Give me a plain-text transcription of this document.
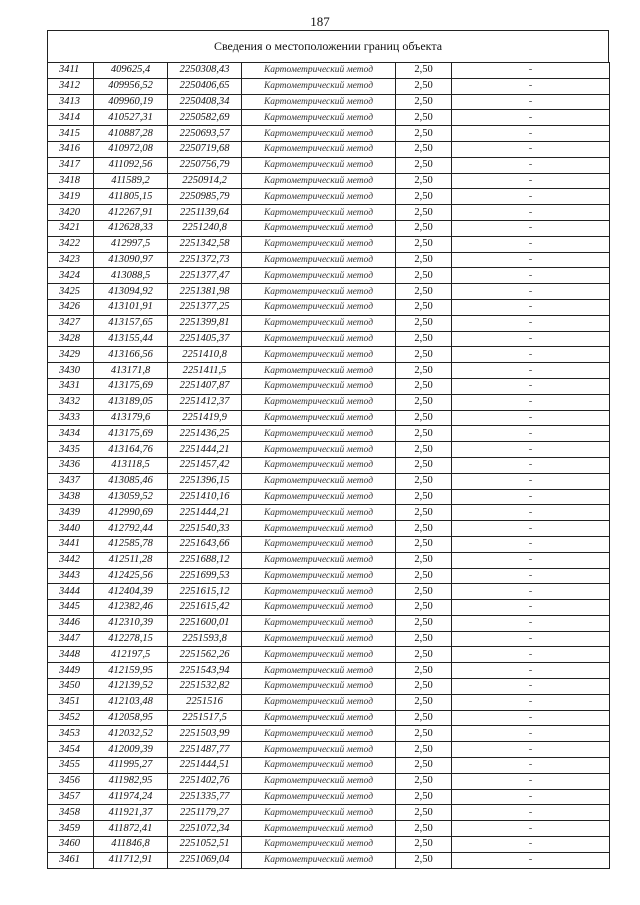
187
Сведения о местоположении границ объекта
3411	409625,4	2250308,43	Картометрический метод	2,50	-
3412	409956,52	2250406,65	Картометрический метод	2,50	-
3413	409960,19	2250408,34	Картометрический метод	2,50	-
3414	410527,31	2250582,69	Картометрический метод	2,50	-
3415	410887,28	2250693,57	Картометрический метод	2,50	-
3416	410972,08	2250719,68	Картометрический метод	2,50	-
3417	411092,56	2250756,79	Картометрический метод	2,50	-
3418	411589,2	2250914,2	Картометрический метод	2,50	-
3419	411805,15	2250985,79	Картометрический метод	2,50	-
3420	412267,91	2251139,64	Картометрический метод	2,50	-
3421	412628,33	2251240,8	Картометрический метод	2,50	-
3422	412997,5	2251342,58	Картометрический метод	2,50	-
3423	413090,97	2251372,73	Картометрический метод	2,50	-
3424	413088,5	2251377,47	Картометрический метод	2,50	-
3425	413094,92	2251381,98	Картометрический метод	2,50	-
3426	413101,91	2251377,25	Картометрический метод	2,50	-
3427	413157,65	2251399,81	Картометрический метод	2,50	-
3428	413155,44	2251405,37	Картометрический метод	2,50	-
3429	413166,56	2251410,8	Картометрический метод	2,50	-
3430	413171,8	2251411,5	Картометрический метод	2,50	-
3431	413175,69	2251407,87	Картометрический метод	2,50	-
3432	413189,05	2251412,37	Картометрический метод	2,50	-
3433	413179,6	2251419,9	Картометрический метод	2,50	-
3434	413175,69	2251436,25	Картометрический метод	2,50	-
3435	413164,76	2251444,21	Картометрический метод	2,50	-
3436	413118,5	2251457,42	Картометрический метод	2,50	-
3437	413085,46	2251396,15	Картометрический метод	2,50	-
3438	413059,52	2251410,16	Картометрический метод	2,50	-
3439	412990,69	2251444,21	Картометрический метод	2,50	-
3440	412792,44	2251540,33	Картометрический метод	2,50	-
3441	412585,78	2251643,66	Картометрический метод	2,50	-
3442	412511,28	2251688,12	Картометрический метод	2,50	-
3443	412425,56	2251699,53	Картометрический метод	2,50	-
3444	412404,39	2251615,12	Картометрический метод	2,50	-
3445	412382,46	2251615,42	Картометрический метод	2,50	-
3446	412310,39	2251600,01	Картометрический метод	2,50	-
3447	412278,15	2251593,8	Картометрический метод	2,50	-
3448	412197,5	2251562,26	Картометрический метод	2,50	-
3449	412159,95	2251543,94	Картометрический метод	2,50	-
3450	412139,52	2251532,82	Картометрический метод	2,50	-
3451	412103,48	2251516	Картометрический метод	2,50	-
3452	412058,95	2251517,5	Картометрический метод	2,50	-
3453	412032,52	2251503,99	Картометрический метод	2,50	-
3454	412009,39	2251487,77	Картометрический метод	2,50	-
3455	411995,27	2251444,51	Картометрический метод	2,50	-
3456	411982,95	2251402,76	Картометрический метод	2,50	-
3457	411974,24	2251335,77	Картометрический метод	2,50	-
3458	411921,37	2251179,27	Картометрический метод	2,50	-
3459	411872,41	2251072,34	Картометрический метод	2,50	-
3460	411846,8	2251052,51	Картометрический метод	2,50	-
3461	411712,91	2251069,04	Картометрический метод	2,50	-
